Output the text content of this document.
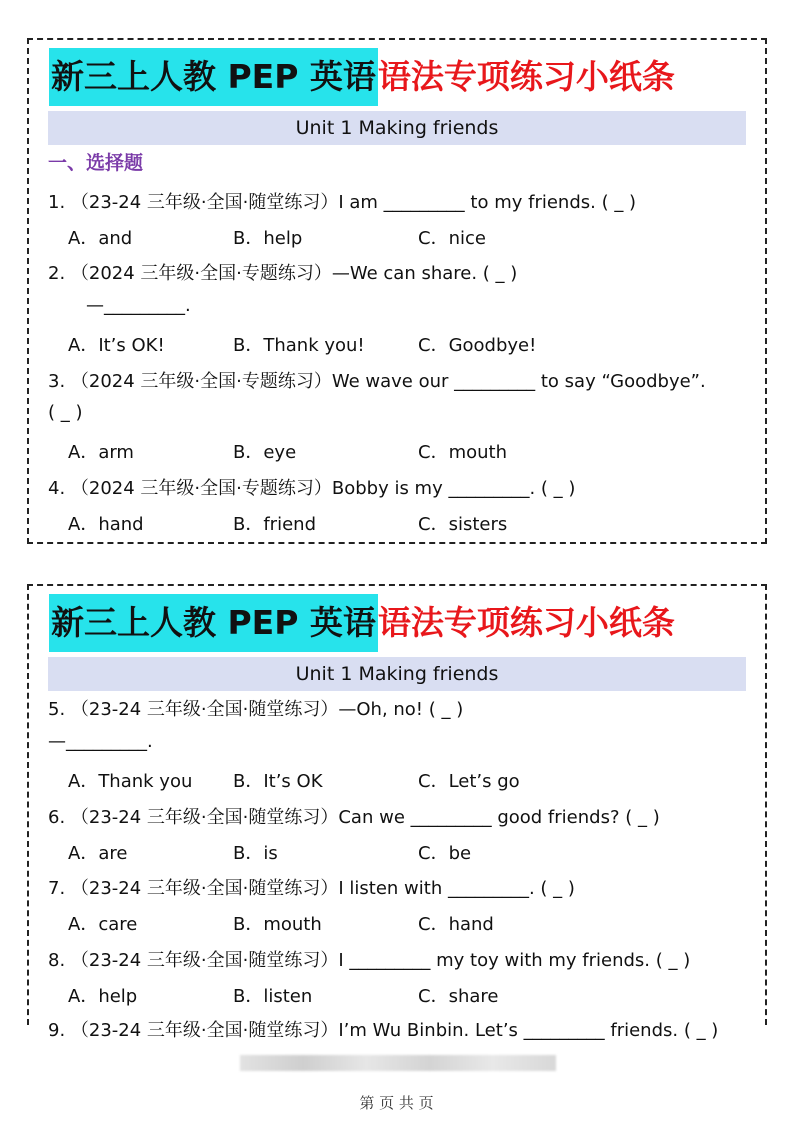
新三上人教 PEP 英语 语法专项练习小纸条
Unit 1 Making friends
一、选择题
1. （23-24 三年级·全国·随堂练习）I am _________ to my friends. ( _ )
A．and	B．help	C．nice
2. （2024 三年级·全国·专题练习）—We can share. ( _ )
—_________.
A．It’s OK!	B．Thank you!	C．Goodbye!
3. （2024 三年级·全国·专题练习）We wave our _________ to say “Goodbye”.
( _ )
A．arm	B．eye	C．mouth
4. （2024 三年级·全国·专题练习）Bobby is my _________. ( _ )
A．hand	B．friend	C．sisters
新三上人教 PEP 英语 语法专项练习小纸条
Unit 1 Making friends
5. （23-24 三年级·全国·随堂练习）—Oh, no! ( _ )
—_________.
A．Thank you B．It’s OK	C．Let’s go
6. （23-24 三年级·全国·随堂练习）Can we _________ good friends? ( _ )
A．are	B．is	C．be
7. （23-24 三年级·全国·随堂练习）I listen with _________. ( _ )
A．care	B．mouth	C．hand
8. （23-24 三年级·全国·随堂练习）I _________ my toy with my friends. ( _ )
A．help	B．listen	C．share
9. （23-24 三年级·全国·随堂练习）I’m Wu Binbin. Let’s _________ friends. ( _ )
第 页 共 页
